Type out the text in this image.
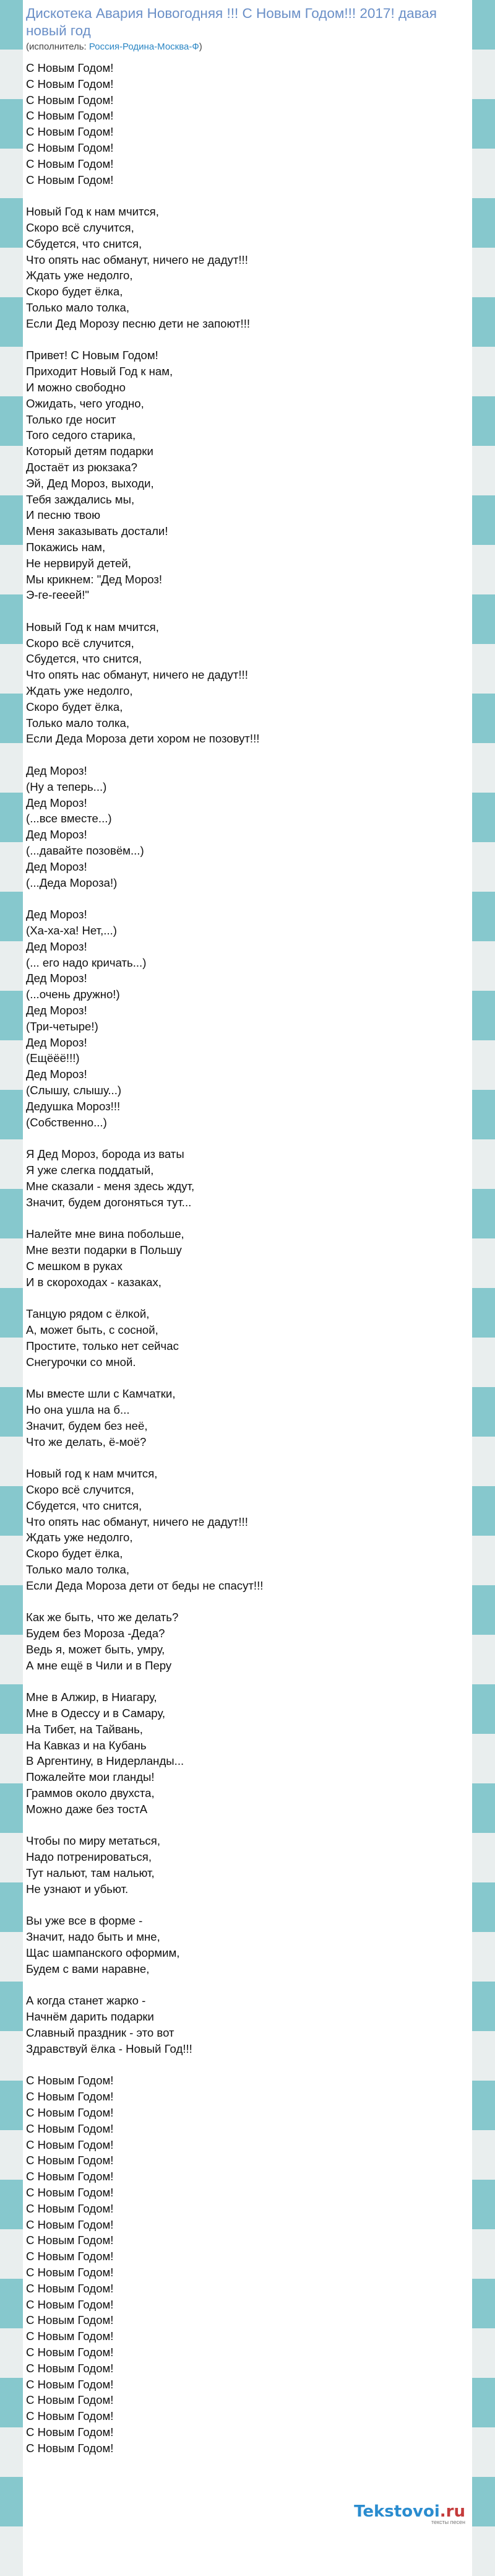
Дискотека Авария Новогодняя !!! С Новым Годом!!! 2017! давая новый год
(исполнитель: Россия-Родина-Москва-Ф)
С Новым Годом!
С Новым Годом!
С Новым Годом!
С Новым Годом!
С Новым Годом!
С Новым Годом!
С Новым Годом!
С Новым Годом!

Новый Год к нам мчится,
Скоро всё случится,
Сбудется, что снится,
Что опять нас обманут, ничего не дадут!!!
Ждать уже недолго,
Скоро будет ёлка,
Только мало толка,
Если Дед Морозу песню дети не запоют!!!

Привет! С Новым Годом!
Приходит Новый Год к нам,
И можно свободно
Ожидать, чего угодно,
Только где носит
Того седого старика,
Который детям подарки
Достаёт из рюкзака?
Эй, Дед Мороз, выходи,
Тебя заждались мы,
И песню твою
Меня заказывать достали!
Покажись нам,
Не нервируй детей,
Мы крикнем: "Дед Мороз!
Э-ге-гееей!"

Новый Год к нам мчится,
Скоро всё случится,
Сбудется, что снится,
Что опять нас обманут, ничего не дадут!!!
Ждать уже недолго,
Скоро будет ёлка,
Только мало толка,
Если Деда Мороза дети хором не позовут!!!

Дед Мороз!
(Ну а теперь...)
Дед Мороз!
(...все вместе...)
Дед Мороз!
(...давайте позовём...)
Дед Мороз!
(...Деда Мороза!)

Дед Мороз!
(Ха-ха-ха! Нет,...)
Дед Мороз!
(... его надо кричать...)
Дед Мороз!
(...очень дружно!)
Дед Мороз!
(Три-четыре!)
Дед Мороз!
(Ещёёё!!!)
Дед Мороз!
(Слышу, слышу...)
Дедушка Мороз!!!
(Собственно...)

Я Дед Мороз, борода из ваты
Я уже слегка поддатый,
Мне сказали - меня здесь ждут,
Значит, будем догоняться тут...

Налейте мне вина побольше,
Мне везти подарки в Польшу
С мешком в руках
И в скороходах - казаках,

Танцую рядом с ёлкой,
А, может быть, с сосной,
Простите, только нет сейчас
Снегурочки со мной.

Мы вместе шли с Камчатки,
Но она ушла на б...
Значит, будем без неё,
Что же делать, ё-моё?

Новый год к нам мчится,
Скоро всё случится,
Сбудется, что снится,
Что опять нас обманут, ничего не дадут!!!
Ждать уже недолго,
Скоро будет ёлка,
Только мало толка,
Если Деда Мороза дети от беды не спасут!!!

Как же быть, что же делать?
Будем без Мороза -Деда?
Ведь я, может быть, умру,
А мне ещё в Чили и в Перу

Мне в Алжир, в Ниагару,
Мне в Одессу и в Самару,
На Тибет, на Тайвань,
На Кавказ и на Кубань
В Аргентину, в Нидерланды...
Пожалейте мои гланды!
Граммов около двухста,
Можно даже без тостА

Чтобы по миру метаться,
Надо потренироваться,
Тут нальют, там нальют,
Не узнают и убьют.

Вы уже все в форме -
Значит, надо быть и мне,
Щас шампанского оформим,
Будем с вами наравне,

А когда станет жарко -
Начнём дарить подарки
Славный праздник - это вот
Здравствуй ёлка - Новый Год!!!

С Новым Годом!
С Новым Годом!
С Новым Годом!
С Новым Годом!
С Новым Годом!
С Новым Годом!
С Новым Годом!
С Новым Годом!
С Новым Годом!
С Новым Годом!
С Новым Годом!
С Новым Годом!
С Новым Годом!
С Новым Годом!
С Новым Годом!
С Новым Годом!
С Новым Годом!
С Новым Годом!
С Новым Годом!
С Новым Годом!
С Новым Годом!
С Новым Годом!
С Новым Годом!
С Новым Годом!
Tekstovoi.ru
тексты песен
